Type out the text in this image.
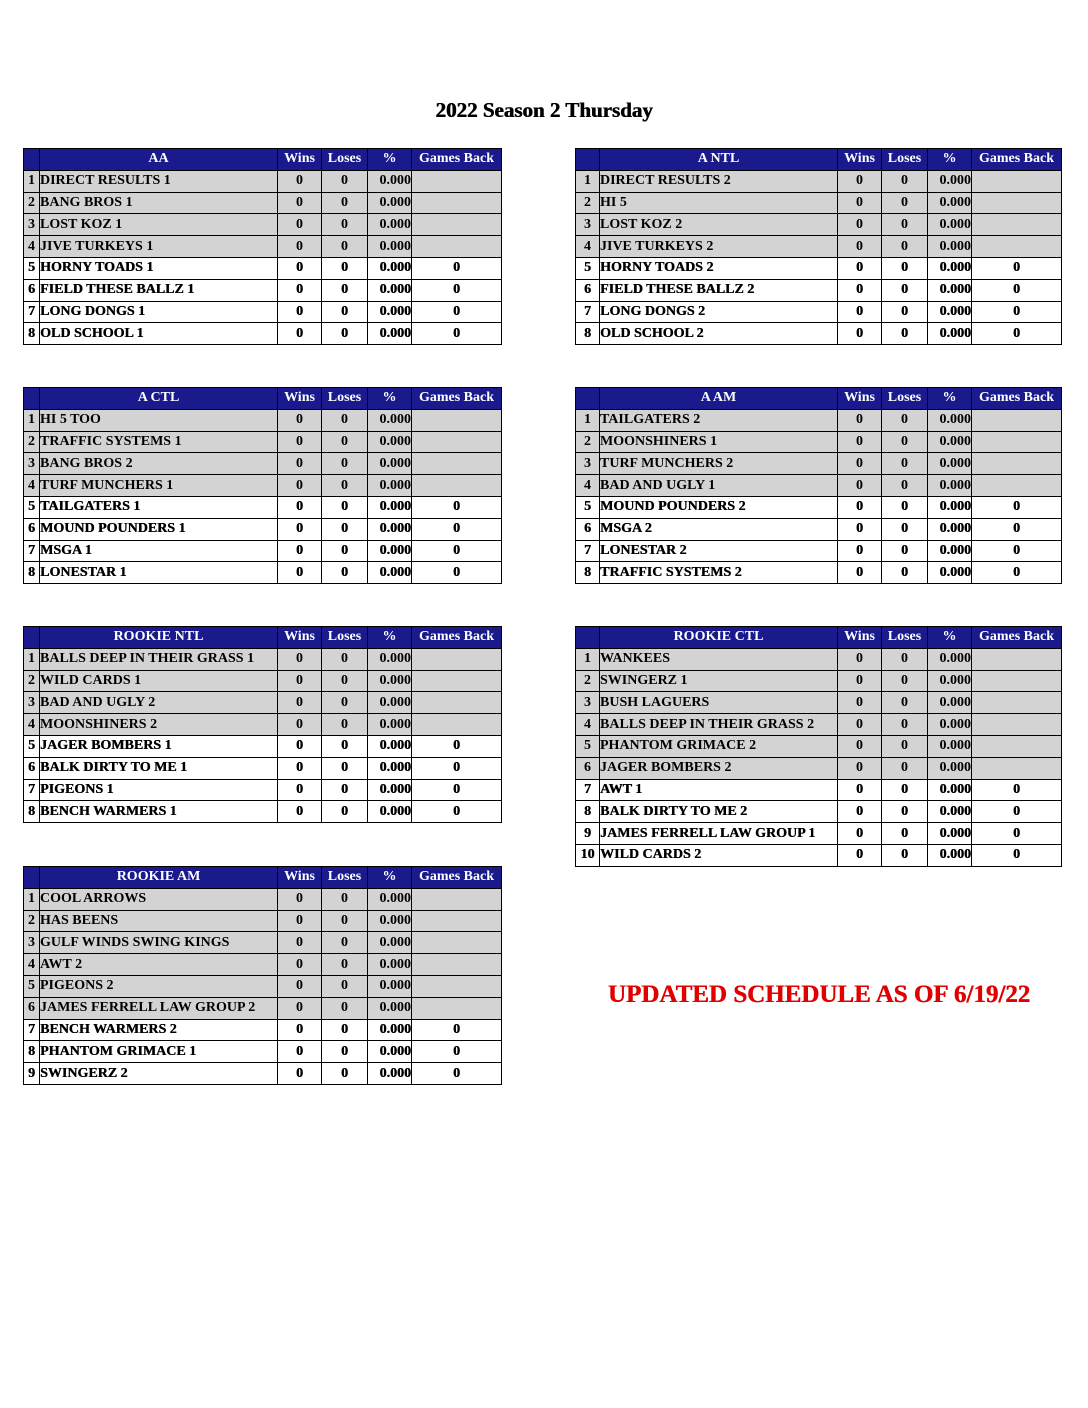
2022 Season 2 Thursday
	AA	Wins	Loses	%	Games Back
1	DIRECT RESULTS 1	0	0	0.000	
2	BANG BROS 1	0	0	0.000	
3	LOST KOZ 1	0	0	0.000	
4	JIVE TURKEYS 1	0	0	0.000	
5	HORNY TOADS 1	0	0	0.000	0
6	FIELD THESE BALLZ 1	0	0	0.000	0
7	LONG DONGS 1	0	0	0.000	0
8	OLD SCHOOL 1	0	0	0.000	0
	A NTL	Wins	Loses	%	Games Back
1	DIRECT RESULTS 2	0	0	0.000	
2	HI 5	0	0	0.000	
3	LOST KOZ 2	0	0	0.000	
4	JIVE TURKEYS 2	0	0	0.000	
5	HORNY TOADS 2	0	0	0.000	0
6	FIELD THESE BALLZ 2	0	0	0.000	0
7	LONG DONGS 2	0	0	0.000	0
8	OLD SCHOOL 2	0	0	0.000	0
	A CTL	Wins	Loses	%	Games Back
1	HI 5 TOO	0	0	0.000	
2	TRAFFIC SYSTEMS 1	0	0	0.000	
3	BANG BROS 2	0	0	0.000	
4	TURF MUNCHERS 1	0	0	0.000	
5	TAILGATERS 1	0	0	0.000	0
6	MOUND POUNDERS 1	0	0	0.000	0
7	MSGA 1	0	0	0.000	0
8	LONESTAR 1	0	0	0.000	0
	A AM	Wins	Loses	%	Games Back
1	TAILGATERS 2	0	0	0.000	
2	MOONSHINERS 1	0	0	0.000	
3	TURF MUNCHERS 2	0	0	0.000	
4	BAD AND UGLY 1	0	0	0.000	
5	MOUND POUNDERS 2	0	0	0.000	0
6	MSGA 2	0	0	0.000	0
7	LONESTAR 2	0	0	0.000	0
8	TRAFFIC SYSTEMS 2	0	0	0.000	0
	ROOKIE NTL	Wins	Loses	%	Games Back
1	BALLS DEEP IN THEIR GRASS 1	0	0	0.000	
2	WILD CARDS 1	0	0	0.000	
3	BAD AND UGLY 2	0	0	0.000	
4	MOONSHINERS 2	0	0	0.000	
5	JAGER BOMBERS 1	0	0	0.000	0
6	BALK DIRTY TO ME 1	0	0	0.000	0
7	PIGEONS 1	0	0	0.000	0
8	BENCH WARMERS 1	0	0	0.000	0
	ROOKIE CTL	Wins	Loses	%	Games Back
1	WANKEES	0	0	0.000	
2	SWINGERZ 1	0	0	0.000	
3	BUSH LAGUERS	0	0	0.000	
4	BALLS DEEP IN THEIR GRASS 2	0	0	0.000	
5	PHANTOM GRIMACE 2	0	0	0.000	
6	JAGER BOMBERS 2	0	0	0.000	
7	AWT 1	0	0	0.000	0
8	BALK DIRTY TO ME 2	0	0	0.000	0
9	JAMES FERRELL LAW GROUP 1	0	0	0.000	0
10	WILD CARDS 2	0	0	0.000	0
	ROOKIE AM	Wins	Loses	%	Games Back
1	COOL ARROWS	0	0	0.000	
2	HAS BEENS	0	0	0.000	
3	GULF WINDS SWING KINGS	0	0	0.000	
4	AWT 2	0	0	0.000	
5	PIGEONS 2	0	0	0.000	
6	JAMES FERRELL LAW GROUP 2	0	0	0.000	
7	BENCH WARMERS 2	0	0	0.000	0
8	PHANTOM GRIMACE 1	0	0	0.000	0
9	SWINGERZ 2	0	0	0.000	0
UPDATED SCHEDULE AS OF 6/19/22
